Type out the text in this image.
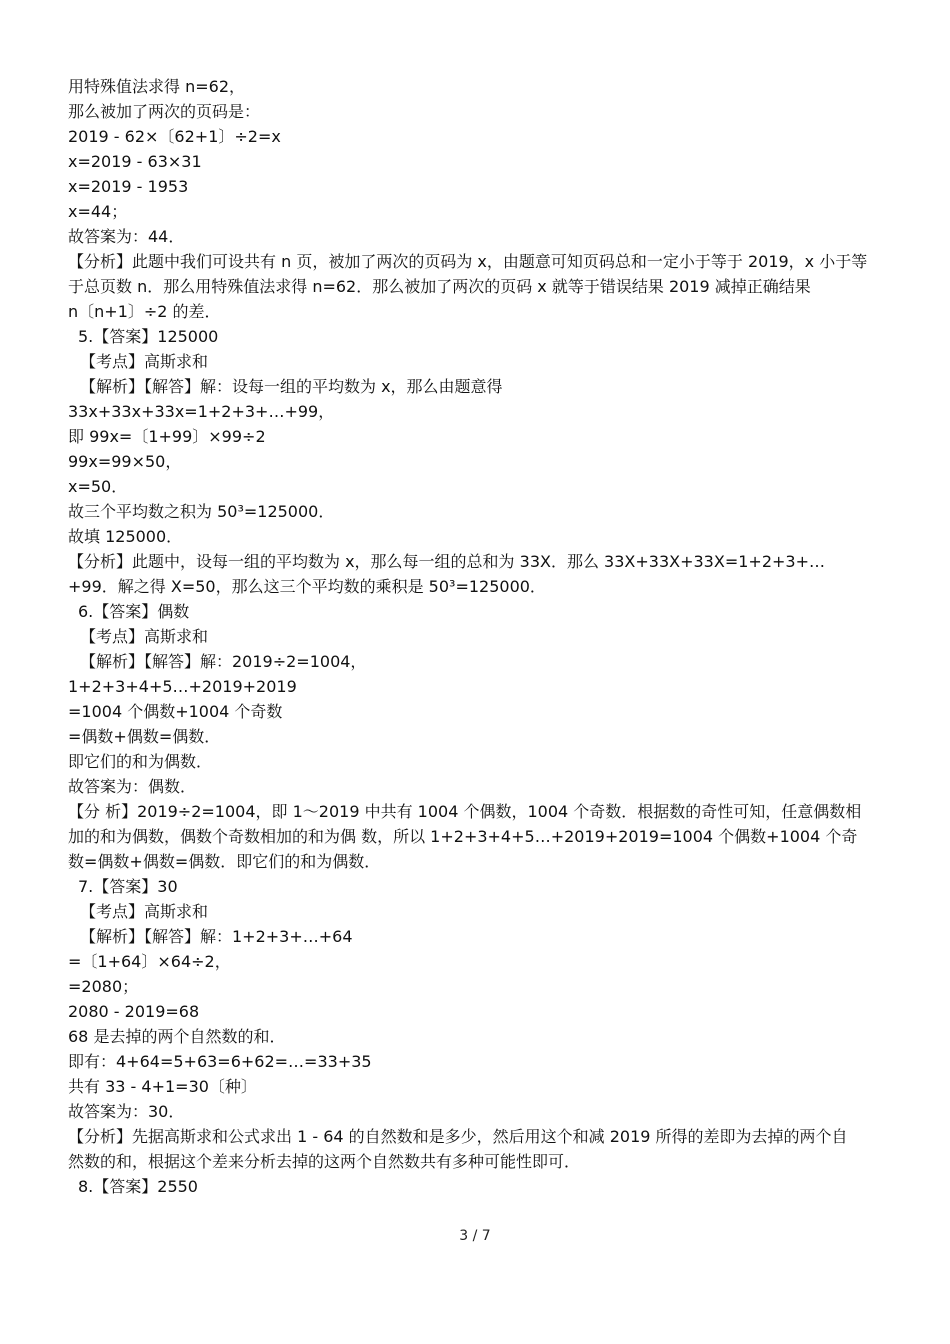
用特殊值法求得 n=62，
那么被加了两次的页码是：
2019 - 62×〔62+1〕÷2=x
x=2019 - 63×31
x=2019 - 1953
x=44；
故答案为：44．
【分析】此题中我们可设共有 n 页，被加了两次的页码为 x，由题意可知页码总和一定小于等于 2019，x 小于等
于总页数 n．那么用特殊值法求得 n=62．那么被加了两次的页码 x 就等于错误结果 2019 减掉正确结果
n〔n+1〕÷2 的差．
5.【答案】125000
【考点】高斯求和
【解析】【解答】解：设每一组的平均数为 x，那么由题意得
33x+33x+33x=1+2+3+…+99，
即 99x=〔1+99〕×99÷2
99x=99×50，
x=50．
故三个平均数之积为 50³=125000．
故填 125000．
【分析】此题中，设每一组的平均数为 x，那么每一组的总和为 33X．那么 33X+33X+33X=1+2+3+…
+99．解之得 X=50，那么这三个平均数的乘积是 50³=125000．
6.【答案】偶数
【考点】高斯求和
【解析】【解答】解：2019÷2=1004，
1+2+3+4+5…+2019+2019
=1004 个偶数+1004 个奇数
=偶数+偶数=偶数．
即它们的和为偶数．
故答案为：偶数．
【分 析】2019÷2=1004，即 1～2019 中共有 1004 个偶数，1004 个奇数．根据数的奇性可知，任意偶数相
加的和为偶数，偶数个奇数相加的和为偶 数，所以 1+2+3+4+5…+2019+2019=1004 个偶数+1004 个奇
数=偶数+偶数=偶数．即它们的和为偶数．
7.【答案】30
【考点】高斯求和
【解析】【解答】解：1+2+3+…+64
=〔1+64〕×64÷2，
=2080；
2080 - 2019=68
68 是去掉的两个自然数的和．
即有：4+64=5+63=6+62=…=33+35
共有 33 - 4+1=30〔种〕
故答案为：30．
【分析】先据高斯求和公式求出 1 - 64 的自然数和是多少，然后用这个和减 2019 所得的差即为去掉的两个自
然数的和，根据这个差来分析去掉的这两个自然数共有多种可能性即可．
8.【答案】2550
3 / 7
